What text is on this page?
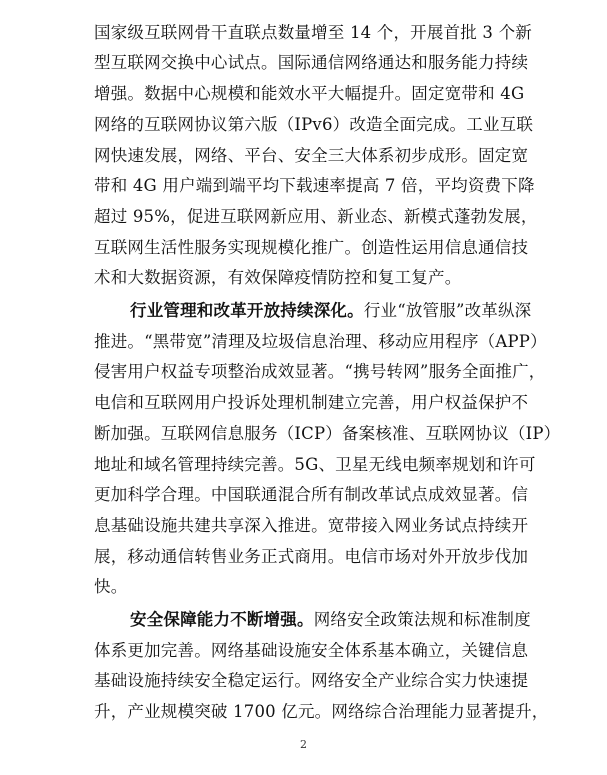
国家级互联网骨干直联点数量增至 14 个，开展首批 3 个新
型互联网交换中心试点。国际通信网络通达和服务能力持续
增强。数据中心规模和能效水平大幅提升。固定宽带和 4G
网络的互联网协议第六版（IPv6）改造全面完成。工业互联
网快速发展，网络、平台、安全三大体系初步成形。固定宽
带和 4G 用户端到端平均下载速率提高 7 倍，平均资费下降
超过 95%，促进互联网新应用、新业态、新模式蓬勃发展，
互联网生活性服务实现规模化推广。创造性运用信息通信技
术和大数据资源，有效保障疫情防控和复工复产。
行业管理和改革开放持续深化。行业“放管服”改革纵深
推进。“黑带宽”清理及垃圾信息治理、移动应用程序（APP）
侵害用户权益专项整治成效显著。“携号转网”服务全面推广，
电信和互联网用户投诉处理机制建立完善，用户权益保护不
断加强。互联网信息服务（ICP）备案核准、互联网协议（IP）
地址和域名管理持续完善。5G、卫星无线电频率规划和许可
更加科学合理。中国联通混合所有制改革试点成效显著。信
息基础设施共建共享深入推进。宽带接入网业务试点持续开
展，移动通信转售业务正式商用。电信市场对外开放步伐加
快。
安全保障能力不断增强。网络安全政策法规和标准制度
体系更加完善。网络基础设施安全体系基本确立，关键信息
基础设施持续安全稳定运行。网络安全产业综合实力快速提
升，产业规模突破 1700 亿元。网络综合治理能力显著提升，
2
